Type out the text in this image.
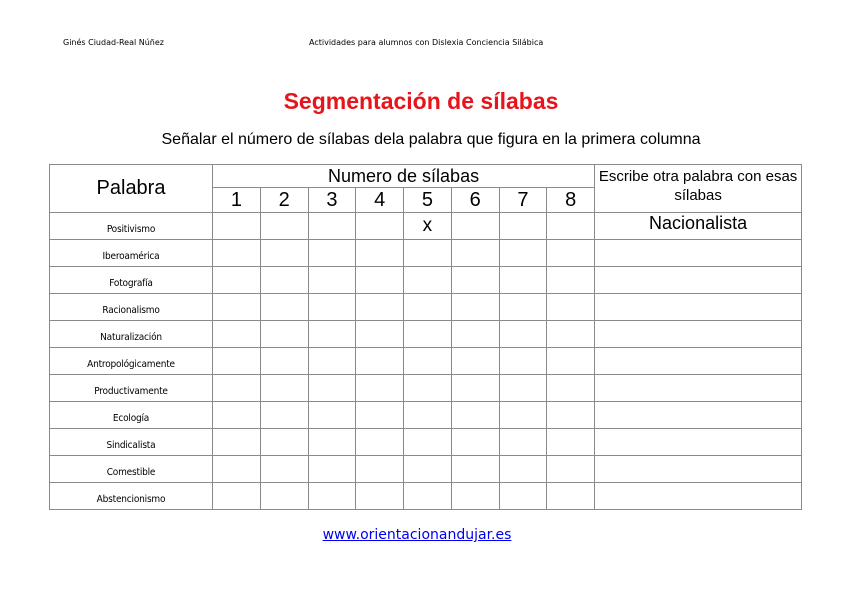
Ginés Ciudad-Real Núñez	Actividades para alumnos con Dislexia Conciencia Silábica
Segmentación de sílabas
Señalar el número de sílabas dela palabra que figura en la primera columna
Palabra	Numero de sílabas								Escribe otra palabra con esas sílabas
	1	2	3	4	5	6	7	8	
Positivismo					x				Nacionalista
Iberoamérica									
Fotografía									
Racionalismo									
Naturalización									
Antropológicamente									
Productivamente									
Ecología									
Sindicalista									
Comestible									
Abstencionismo									
www.orientacionandujar.es
